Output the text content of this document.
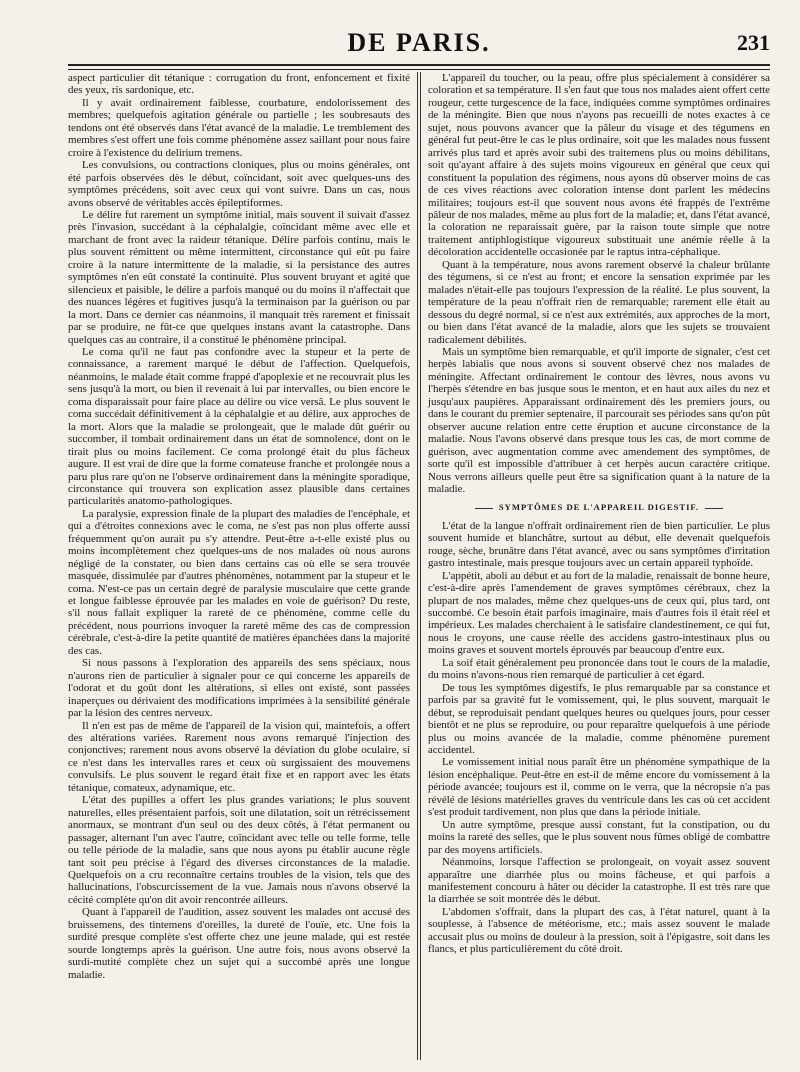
DE PARIS.	231

aspect particulier dit tétanique : corrugation du front, enfoncement et fixité des yeux, ris sardonique, etc.

Il y avait ordinairement faiblesse, courbature, endolorissement des membres; quelquefois agitation générale ou partielle ; les soubresauts des tendons ont été observés dans l'état avancé de la maladie. Le tremblement des membres s'est offert une fois comme phénomène assez saillant pour nous faire croire à l'existence du delirium tremens.

Les convulsions, ou contractions cloniques, plus ou moins générales, ont été parfois observées dès le début, coïncidant, soit avec quelques-uns des symptômes précédens, soit avec ceux qui vont suivre. Dans un cas, nous avons observé de véritables accès épileptiformes.

Le délire fut rarement un symptôme initial, mais souvent il suivait d'assez près l'invasion, succédant à la céphalalgie, coïncidant même avec elle et marchant de front avec la raideur tétanique. Délire parfois continu, mais le plus souvent rémittent ou même intermittent, circonstance qui eût pu faire croire à la nature intermittente de la maladie, si la persistance des autres symptômes n'en eût constaté la continuité. Plus souvent bruyant et agité que silencieux et paisible, le délire a parfois manqué ou du moins il n'affectait que des nuances légères et fugitives jusqu'à la terminaison par la guérison ou par la mort. Dans ce dernier cas néanmoins, il manquait très rarement et finissait par se produire, ne fût-ce que quelques instans avant la catastrophe. Dans quelques cas au contraire, il a constitué le phénomène principal.

Le coma qu'il ne faut pas confondre avec la stupeur et la perte de connaissance, a rarement marqué le début de l'affection. Quelquefois, néanmoins, le malade était comme frappé d'apoplexie et ne recouvrait plus les sens jusqu'à la mort, ou bien il revenait à lui par intervalles, ou bien encore le coma disparaissait pour faire place au délire ou vice versâ. Le plus souvent le coma succédait définitivement à la céphalalgie et au délire, aux approches de la mort. Alors que la maladie se prolongeait, que le malade dût guérir ou succomber, il tombait ordinairement dans un état de somnolence, dont on le tirait plus ou moins facilement. Ce coma prolongé était du plus fâcheux augure. Il est vrai de dire que la forme comateuse franche et prolongée nous a paru plus rare qu'on ne l'observe ordinairement dans la méningite sporadique, circonstance qui trouvera son explication assez plausible dans certaines particularités anatomo-pathologiques.

La paralysie, expression finale de la plupart des maladies de l'encéphale, et qui a d'étroites connexions avec le coma, ne s'est pas non plus offerte aussi fréquemment qu'on aurait pu s'y attendre. Peut-être a-t-elle existé plus ou moins incomplètement chez quelques-uns de nos malades où nous aurons négligé de la constater, ou bien dans certains cas où elle se sera trouvée masquée, dissimulée par d'autres phénomènes, notamment par la stupeur et le coma. N'est-ce pas un certain degré de paralysie musculaire que cette grande et longue faiblesse éprouvée par les malades en voie de guérison? Du reste, s'il nous fallait expliquer la rareté de ce phénomène, comme celle du précédent, nous pourrions invoquer la rareté même des cas de compression cérébrale, c'est-à-dire la petite quantité de matières épanchées dans la majorité des cas.

Si nous passons à l'exploration des appareils des sens spéciaux, nous n'aurons rien de particulier à signaler pour ce qui concerne les appareils de l'odorat et du goût dont les altérations, si elles ont existé, sont passées inaperçues ou dérivaient des modifications imprimées à la sensibilité générale par la lésion des centres nerveux.

Il n'en est pas de même de l'appareil de la vision qui, maintefois, a offert des altérations variées. Rarement nous avons remarqué l'injection des conjonctives; rarement nous avons observé la déviation du globe oculaire, si ce n'est dans les intervalles rares et ceux où surgissaient des mouvemens convulsifs. Le plus souvent le regard était fixe et en rapport avec les états tétanique, comateux, adynamique, etc.

L'état des pupilles a offert les plus grandes variations; le plus souvent naturelles, elles présentaient parfois, soit une dilatation, soit un rétrécissement anormaux, se montrant d'un seul ou des deux côtés, à l'état permanent ou passager, alternant l'un avec l'autre, coïncidant avec telle ou telle forme, telle ou telle période de la maladie, sans que nous ayons pu établir aucune règle tant soit peu précise à l'égard des diverses circonstances de la maladie. Quelquefois on a cru reconnaître certains troubles de la vision, tels que des hallucinations, l'obscurcissement de la vue. Jamais nous n'avons observé la cécité complète qu'on dit avoir rencontrée ailleurs.

Quant à l'appareil de l'audition, assez souvent les malades ont accusé des bruissemens, des tintemens d'oreilles, la dureté de l'ouïe, etc. Une fois la surdité presque complète s'est offerte chez une jeune malade, qui est restée sourde longtemps après la guérison. Une autre fois, nous avons observé la surdi-mutité complète chez un sujet qui a succombé après une longue maladie.

L'appareil du toucher, ou la peau, offre plus spécialement à considérer sa coloration et sa température. Il s'en faut que tous nos malades aient offert cette rougeur, cette turgescence de la face, indiquées comme symptômes ordinaires de la méningite. Bien que nous n'ayons pas recueilli de notes exactes à ce sujet, nous pouvons avancer que la pâleur du visage et des tégumens en général fut peut-être le cas le plus ordinaire, soit que les malades nous fussent arrivés plus tard et après avoir subi des traitemens plus ou moins débilitans, soit qu'ayant affaire à des sujets moins vigoureux en général que ceux qui constituent la population des régimens, nous ayons dû observer moins de cas de ces vives réactions avec coloration intense dont parlent les médecins militaires; toujours est-il que souvent nous avons été frappés de l'extrême pâleur de nos malades, même au plus fort de la maladie; et, dans l'état avancé, la coloration ne reparaissait guère, par la raison toute simple que notre traitement antiphlogistique vigoureux substituait une anémie réelle à la décoloration accidentelle occasionée par le raptus intra-céphalique.

Quant à la température, nous avons rarement observé la chaleur brûlante des tégumens, si ce n'est au front; et encore la sensation exprimée par les malades n'était-elle pas toujours l'expression de la réalité. Le plus souvent, la température de la peau n'offrait rien de remarquable; rarement elle était au dessous du degré normal, si ce n'est aux extrémités, aux approches de la mort, ou bien dans l'état avancé de la maladie, alors que les sujets se trouvaient radicalement débilités.

Mais un symptôme bien remarquable, et qu'il importe de signaler, c'est cet herpès labialis que nous avons si souvent observé chez nos malades de méningite. Affectant ordinairement le contour des lèvres, nous avons vu l'herpès s'étendre en bas jusque sous le menton, et en haut aux ailes du nez et jusqu'aux paupières. Apparaissant ordinairement dès les premiers jours, ou dans le courant du premier septenaire, il parcourait ses périodes sans qu'on pût observer aucune relation entre cette éruption et aucune circonstance de la maladie. Nous l'avons observé dans presque tous les cas, de mort comme de guérison, avec augmentation comme avec amendement des symptômes, de sorte qu'il est impossible d'attribuer à cet herpès aucun caractère critique. Nous verrons ailleurs quelle peut être sa signification quant à la nature de la maladie.

SYMPTÔMES DE L'APPAREIL DIGESTIF.

L'état de la langue n'offrait ordinairement rien de bien particulier. Le plus souvent humide et blanchâtre, surtout au début, elle devenait quelquefois rouge, sèche, brunâtre dans l'état avancé, avec ou sans symptômes d'irritation gastro intestinale, mais presque toujours avec un certain appareil typhoïde.

L'appétit, aboli au début et au fort de la maladie, renaissait de bonne heure, c'est-à-dire après l'amendement de graves symptômes cérébraux, chez la plupart de nos malades, même chez quelques-uns de ceux qui, plus tard, ont succombé. Ce besoin était parfois imaginaire, mais d'autres fois il était réel et impérieux. Les malades cherchaient à le satisfaire clandestinement, ce qui fut, nous le croyons, une cause réelle des accidens gastro-intestinaux plus ou moins graves et souvent mortels éprouvés par beaucoup d'entre eux.

La soif était généralement peu prononcée dans tout le cours de la maladie, du moins n'avons-nous rien remarqué de particulier à cet égard.

De tous les symptômes digestifs, le plus remarquable par sa constance et parfois par sa gravité fut le vomissement, qui, le plus souvent, marquait le début, se reproduisait pendant quelques heures ou quelques jours, pour cesser bientôt et ne plus se reproduire, ou pour reparaître quelquefois à une période plus ou moins avancée de la maladie, comme phénomène purement accidentel.

Le vomissement initial nous paraît être un phénomène sympathique de la lésion encéphalique. Peut-être en est-il de même encore du vomissement à la période avancée; toujours est il, comme on le verra, que la nécropsie n'a pas révélé de lésions matérielles graves du ventricule dans les cas où cet accident s'est produit tardivement, non plus que dans la période initiale.

Un autre symptôme, presque aussi constant, fut la constipation, ou du moins la rareté des selles, que le plus souvent nous fûmes obligé de combattre par des moyens artificiels.

Néanmoins, lorsque l'affection se prolongeait, on voyait assez souvent apparaître une diarrhée plus ou moins fâcheuse, et qui parfois a manifestement concouru à hâter ou décider la catastrophe. Il est très rare que la diarrhée se soit montrée dès le début.

L'abdomen s'offrait, dans la plupart des cas, à l'état naturel, quant à la souplesse, à l'absence de météorisme, etc.; mais assez souvent le malade accusait plus ou moins de douleur à la pression, soit à l'épigastre, soit dans les flancs, et plus particulièrement du côté droit.
